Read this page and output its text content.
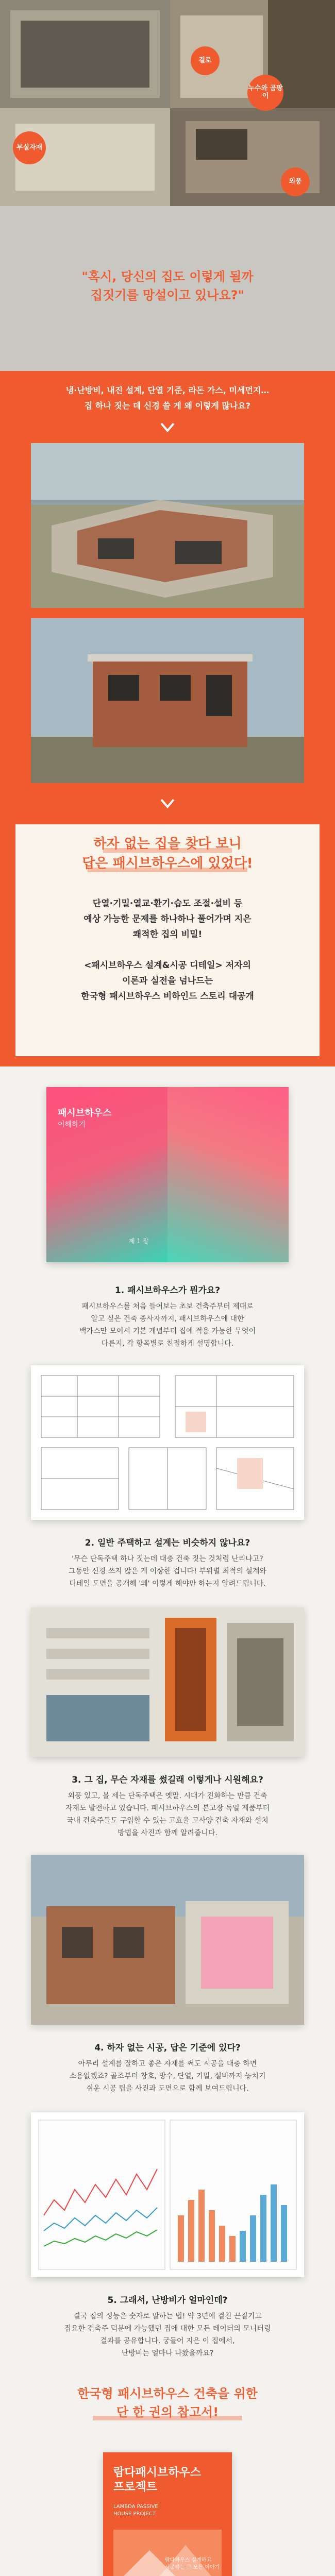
결로
누수와 곰팡이
부실자재
외풍
"혹시, 당신의 집도 이렇게 될까
집짓기를 망설이고 있나요?"
냉·난방비, 내진 설계, 단열 기준, 라돈 가스, 미세먼지…
집 하나 짓는 데 신경 쓸 게 왜 이렇게 많나요?
하자 없는 집을 찾다 보니
답은 패시브하우스에 있었다!
단열·기밀·열교·환기·습도 조절·설비 등
예상 가능한 문제를 하나하나 풀어가며 지은
쾌적한 집의 비밀!
<패시브하우스 설계&시공 디테일> 저자의
이론과 실전을 넘나드는
한국형 패시브하우스 비하인드 스토리 대공개
패시브하우스
이해하기
제 1 장
1. 패시브하우스가 뭔가요?
패시브하우스를 처음 들어보는 초보 건축주부터 제대로
알고 싶은 건축 종사자까지, 패시브하우스에 대한
백가스만 모여서 기본 개념부터 집에 적용 가능한 무엇이
다른지, 각 항목별로 친절하게 설명합니다.
2. 일반 주택하고 설계는 비슷하지 않나요?
'무슨 단독주택 하나 짓는데 대충 건축 짓는 것처럼 난리냐고?
그동안 신경 쓰지 않은 게 이상한 겁니다! 부위별 최적의 설계와
디테일 도면을 공개해 '왜' 이렇게 해야만 하는지 알려드립니다.
3. 그 집, 무슨 자재를 썼길래 이렇게나 시원해요?
외풍 있고, 볼 세는 단독주택은 옛말. 시대가 진화하는 만큼 건축
자재도 발전하고 있습니다. 패시브하우스의 본고장 독일 제품부터
국내 건축주들도 구입할 수 있는 고효율 고사양 건축 자재와 설치
방법을 사진과 함께 알려줍니다.
4. 하자 없는 시공, 답은 기준에 있다?
아무리 설계를 잘하고 좋은 자재를 써도 시공을 대충 하면
소용없겠죠? 골조부터 창호, 방수, 단열, 기밀, 설비까지 놓치기
쉬운 시공 팁을 사진과 도면으로 함께 보여드립니다.
5. 그래서, 난방비가 얼마인데?
결국 집의 성능은 숫자로 말하는 법! 약 3년에 걸친 끈질기고
집요한 건축주 덕분에 가능했던 집에 대한 모든 데이터의 모니터링
결과를 공유합니다. 궁들어 지은 이 집에서,
난방비는 얼마나 나왔을까요?
한국형 패시브하우스 건축을 위한
단 한 권의 참고서!
람다패시브하우스
프로젝트
LAMBDA PASSIVE
HOUSE PROJECT
람다하우스 설계하고
시공하는 그 모든 이야기
